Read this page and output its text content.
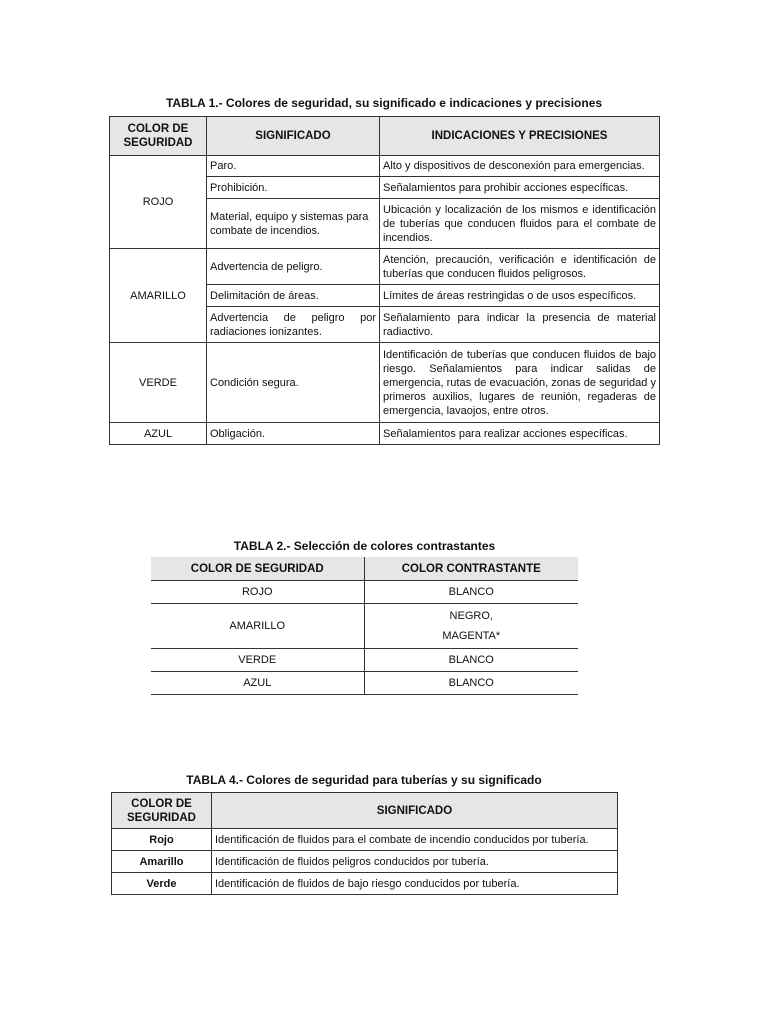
TABLA 1.- Colores de seguridad, su significado e indicaciones y precisiones
COLOR DE SEGURIDAD	SIGNIFICADO	INDICACIONES Y PRECISIONES
ROJO	Paro.	Alto y dispositivos de desconexión para emergencias.
	Prohibición.	Señalamientos para prohibir acciones específicas.
	Material, equipo y sistemas para combate de incendios.	Ubicación y localización de los mismos e identificación de tuberías que conducen fluidos para el combate de incendios.
AMARILLO	Advertencia de peligro.	Atención, precaución, verificación e identificación de tuberías que conducen fluidos peligrosos.
	Delimitación de áreas.	Límites de áreas restringidas o de usos específicos.
	Advertencia de peligro por radiaciones ionizantes.	Señalamiento para indicar la presencia de material radiactivo.
VERDE	Condición segura.	Identificación de tuberías que conducen fluidos de bajo riesgo. Señalamientos para indicar salidas de emergencia, rutas de evacuación, zonas de seguridad y primeros auxilios, lugares de reunión, regaderas de emergencia, lavaojos, entre otros.
AZUL	Obligación.	Señalamientos para realizar acciones específicas.
TABLA 2.- Selección de colores contrastantes
COLOR DE SEGURIDAD	COLOR CONTRASTANTE
ROJO	BLANCO
AMARILLO	NEGRO,
MAGENTA*

VERDE	BLANCO
AZUL	BLANCO
TABLA 4.- Colores de seguridad para tuberías y su significado
COLOR DE SEGURIDAD	SIGNIFICADO
Rojo	Identificación de fluidos para el combate de incendio conducidos por tubería.
Amarillo	Identificación de fluidos peligros conducidos por tubería.
Verde	Identificación de fluidos de bajo riesgo conducidos por tubería.
